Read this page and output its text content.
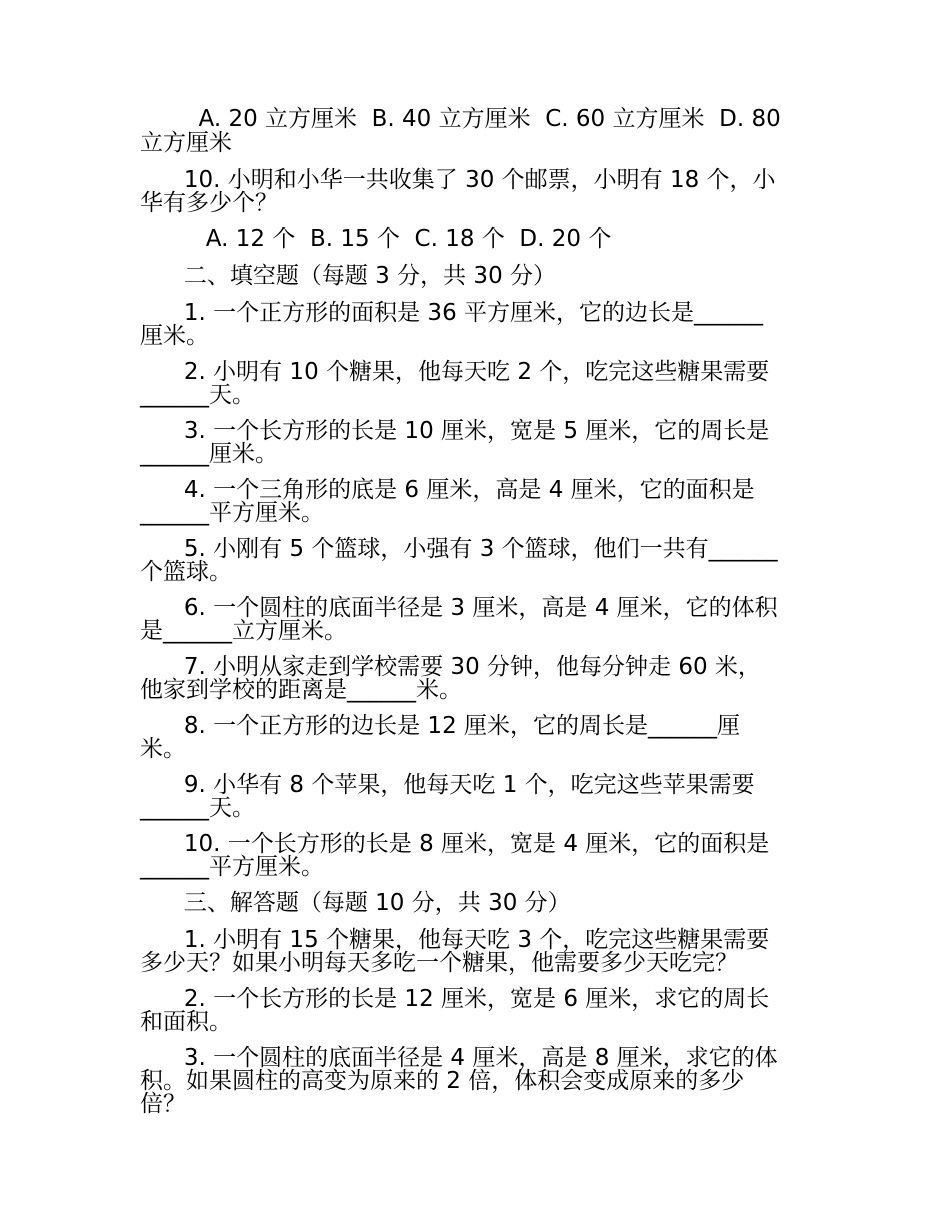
A. 20 立方厘米  B. 40 立方厘米  C. 60 立方厘米  D. 80
立方厘米
10. 小明和小华一共收集了 30 个邮票，小明有 18 个，小
华有多少个？
A. 12 个  B. 15 个  C. 18 个  D. 20 个
二、填空题（每题 3 分，共 30 分）
1. 一个正方形的面积是 36 平方厘米，它的边长是______
厘米。
2. 小明有 10 个糖果，他每天吃 2 个，吃完这些糖果需要
______天。
3. 一个长方形的长是 10 厘米，宽是 5 厘米，它的周长是
______厘米。
4. 一个三角形的底是 6 厘米，高是 4 厘米，它的面积是
______平方厘米。
5. 小刚有 5 个篮球，小强有 3 个篮球，他们一共有______
个篮球。
6. 一个圆柱的底面半径是 3 厘米，高是 4 厘米，它的体积
是______立方厘米。
7. 小明从家走到学校需要 30 分钟，他每分钟走 60 米，
他家到学校的距离是______米。
8. 一个正方形的边长是 12 厘米，它的周长是______厘
米。
9. 小华有 8 个苹果，他每天吃 1 个，吃完这些苹果需要
______天。
10. 一个长方形的长是 8 厘米，宽是 4 厘米，它的面积是
______平方厘米。
三、解答题（每题 10 分，共 30 分）
1. 小明有 15 个糖果，他每天吃 3 个，吃完这些糖果需要
多少天？如果小明每天多吃一个糖果，他需要多少天吃完？
2. 一个长方形的长是 12 厘米，宽是 6 厘米，求它的周长
和面积。
3. 一个圆柱的底面半径是 4 厘米，高是 8 厘米，求它的体
积。如果圆柱的高变为原来的 2 倍，体积会变成原来的多少
倍？
